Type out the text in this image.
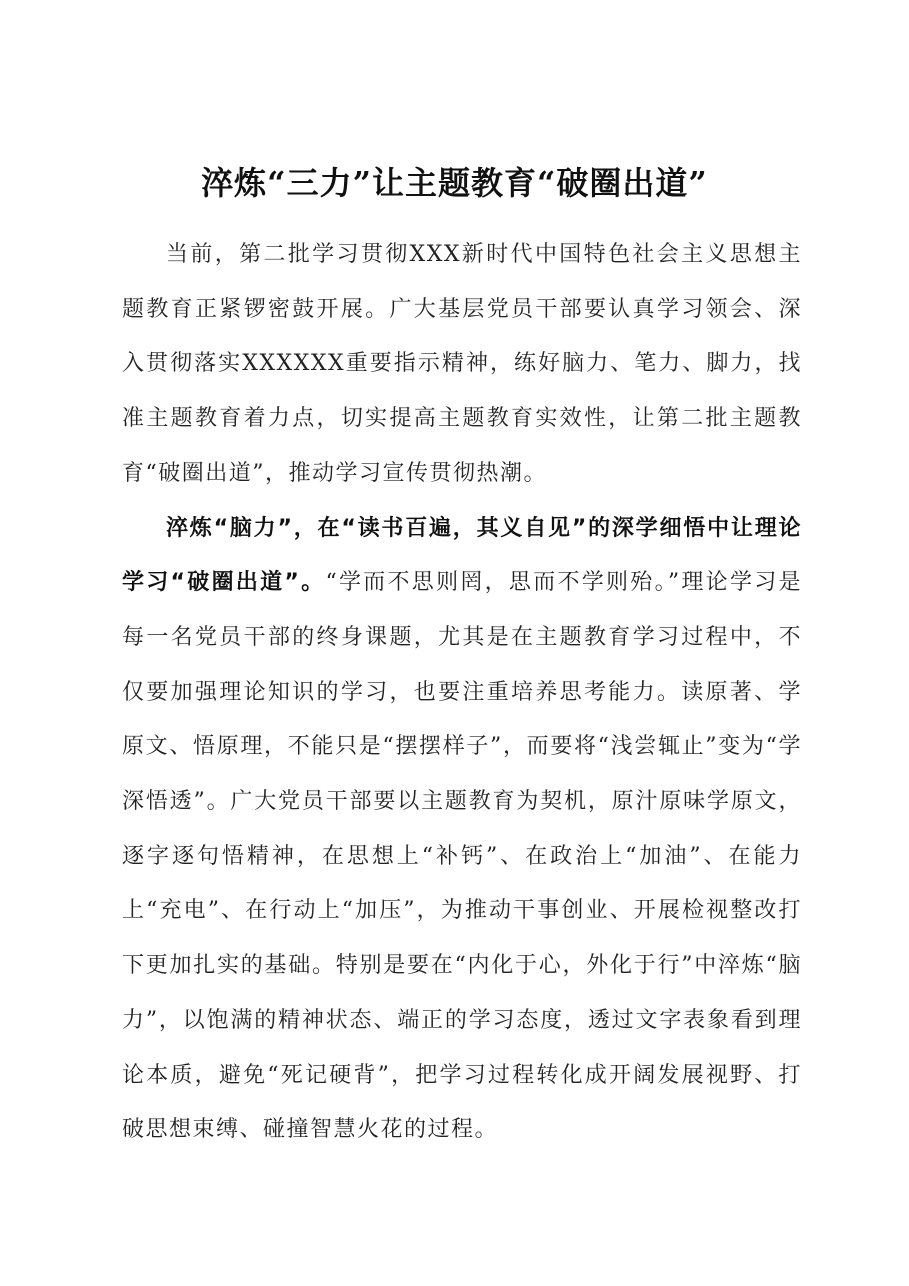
淬炼“三力”让主题教育“破圈出道”

当前，第二批学习贯彻XXX新时代中国特色社会主义思想主题教育正紧锣密鼓开展。广大基层党员干部要认真学习领会、深入贯彻落实XXXXXX重要指示精神，练好脑力、笔力、脚力，找准主题教育着力点，切实提高主题教育实效性，让第二批主题教育“破圈出道”，推动学习宣传贯彻热潮。

淬炼“脑力”，在“读书百遍，其义自见”的深学细悟中让理论学习“破圈出道”。“学而不思则罔，思而不学则殆。”理论学习是每一名党员干部的终身课题，尤其是在主题教育学习过程中，不仅要加强理论知识的学习，也要注重培养思考能力。读原著、学原文、悟原理，不能只是“摆摆样子”，而要将“浅尝辄止”变为“学深悟透”。广大党员干部要以主题教育为契机，原汁原味学原文，逐字逐句悟精神，在思想上“补钙”、在政治上“加油”、在能力上“充电”、在行动上“加压”，为推动干事创业、开展检视整改打下更加扎实的基础。特别是要在“内化于心，外化于行”中淬炼“脑力”，以饱满的精神状态、端正的学习态度，透过文字表象看到理论本质，避免“死记硬背”，把学习过程转化成开阔发展视野、打破思想束缚、碰撞智慧火花的过程。
